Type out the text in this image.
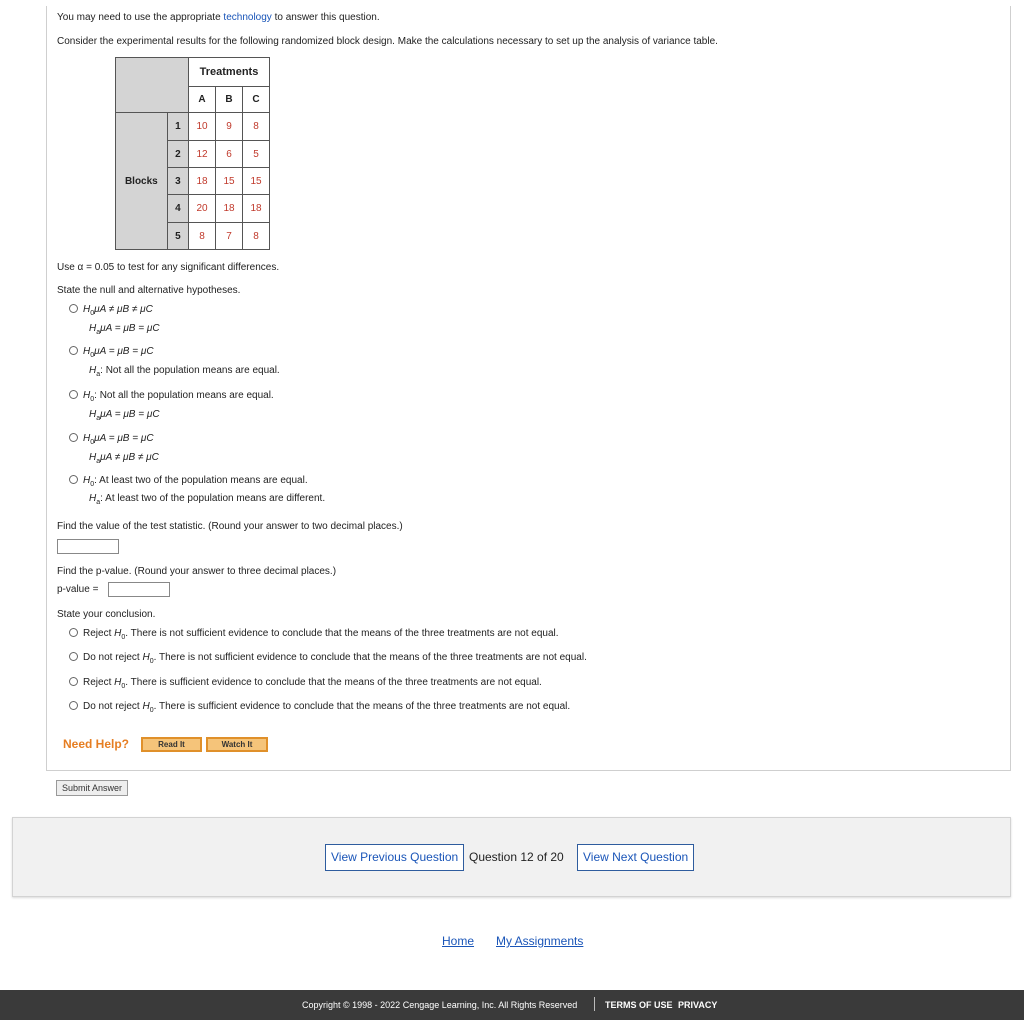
You may need to use the appropriate technology to answer this question.
Consider the experimental results for the following randomized block design. Make the calculations necessary to set up the analysis of variance table.
		Treatments		
		A	B	C
Blocks	1	10	9	8
	2	12	6	5
	3	18	15	15
	4	20	18	18
	5	8	7	8
Use α = 0.05 to test for any significant differences.
State the null and alternative hypotheses.
$H_0\mu A \ne \mu B \ne \mu C$
$H_a\mu A = \mu B = \mu C$
$H_0\mu A = \mu B = \mu C$
$H_a$: Not all the population means are equal.
$H_0$: Not all the population means are equal.
$H_a\mu A = \mu B = \mu C$
$H_0\mu A = \mu B = \mu C$
$H_a\mu A \ne \mu B \ne \mu C$
$H_0$: At least two of the population means are equal.
$H_a$: At least two of the population means are different.
Find the value of the test statistic. (Round your answer to two decimal places.)
Find the p-value. (Round your answer to three decimal places.)
p-value =
State your conclusion.
Reject $H_0$. There is not sufficient evidence to conclude that the means of the three treatments are not equal.
Do not reject $H_0$. There is not sufficient evidence to conclude that the means of the three treatments are not equal.
Reject $H_0$. There is sufficient evidence to conclude that the means of the three treatments are not equal.
Do not reject $H_0$. There is sufficient evidence to conclude that the means of the three treatments are not equal.
Need Help?	Read It	Watch It
Submit Answer
View Previous Question Question 12 of 20	View Next Question
Home My Assignments
Copyright © 1998 - 2022 Cengage Learning, Inc. All Rights Reserved	TERMS OF USE PRIVACY
